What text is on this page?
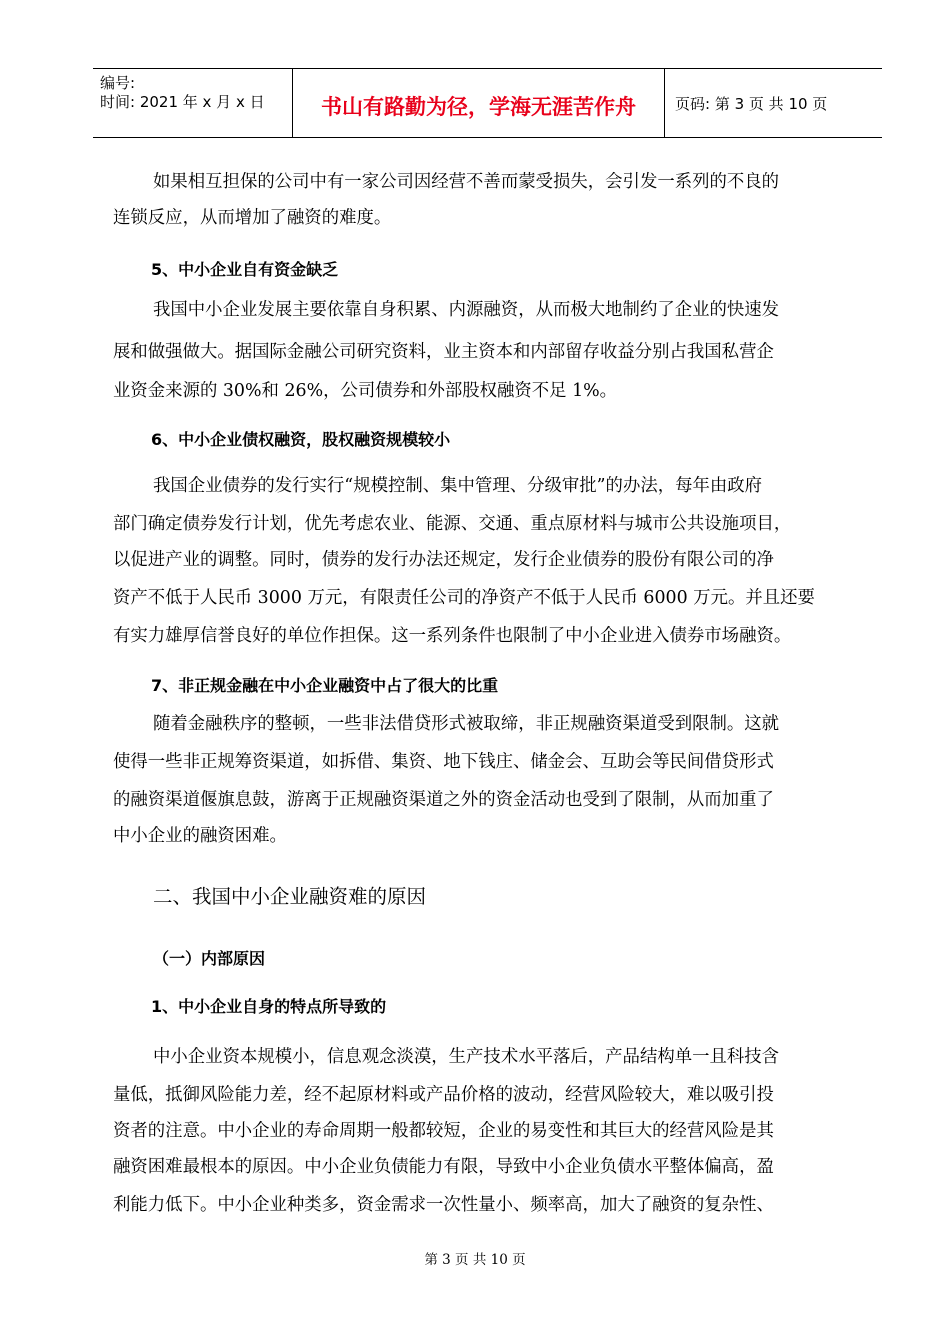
编号:
时间: 2021 年 x 月 x 日	书山有路勤为径，学海无涯苦作舟	页码: 第 3 页 共 10 页
如果相互担保的公司中有一家公司因经营不善而蒙受损失，会引发一系列的不良的
连锁反应，从而增加了融资的难度。
5、中小企业自有资金缺乏
我国中小企业发展主要依靠自身积累、内源融资，从而极大地制约了企业的快速发
展和做强做大。据国际金融公司研究资料，业主资本和内部留存收益分别占我国私营企
业资金来源的 30%和 26%，公司债券和外部股权融资不足 1%。
6、中小企业债权融资，股权融资规模较小
我国企业债券的发行实行“规模控制、集中管理、分级审批”的办法，每年由政府
部门确定债券发行计划，优先考虑农业、能源、交通、重点原材料与城市公共设施项目，
以促进产业的调整。同时，债券的发行办法还规定，发行企业债券的股份有限公司的净
资产不低于人民币 3000 万元，有限责任公司的净资产不低于人民币 6000 万元。并且还要
有实力雄厚信誉良好的单位作担保。这一系列条件也限制了中小企业进入债券市场融资。
7、非正规金融在中小企业融资中占了很大的比重
随着金融秩序的整顿，一些非法借贷形式被取缔，非正规融资渠道受到限制。这就
使得一些非正规筹资渠道，如拆借、集资、地下钱庄、储金会、互助会等民间借贷形式
的融资渠道偃旗息鼓，游离于正规融资渠道之外的资金活动也受到了限制，从而加重了
中小企业的融资困难。
二、我国中小企业融资难的原因
（一）内部原因
1、中小企业自身的特点所导致的
中小企业资本规模小，信息观念淡漠，生产技术水平落后，产品结构单一且科技含
量低，抵御风险能力差，经不起原材料或产品价格的波动，经营风险较大，难以吸引投
资者的注意。中小企业的寿命周期一般都较短，企业的易变性和其巨大的经营风险是其
融资困难最根本的原因。中小企业负债能力有限，导致中小企业负债水平整体偏高，盈
利能力低下。中小企业种类多，资金需求一次性量小、频率高，加大了融资的复杂性、
第 3 页 共 10 页
